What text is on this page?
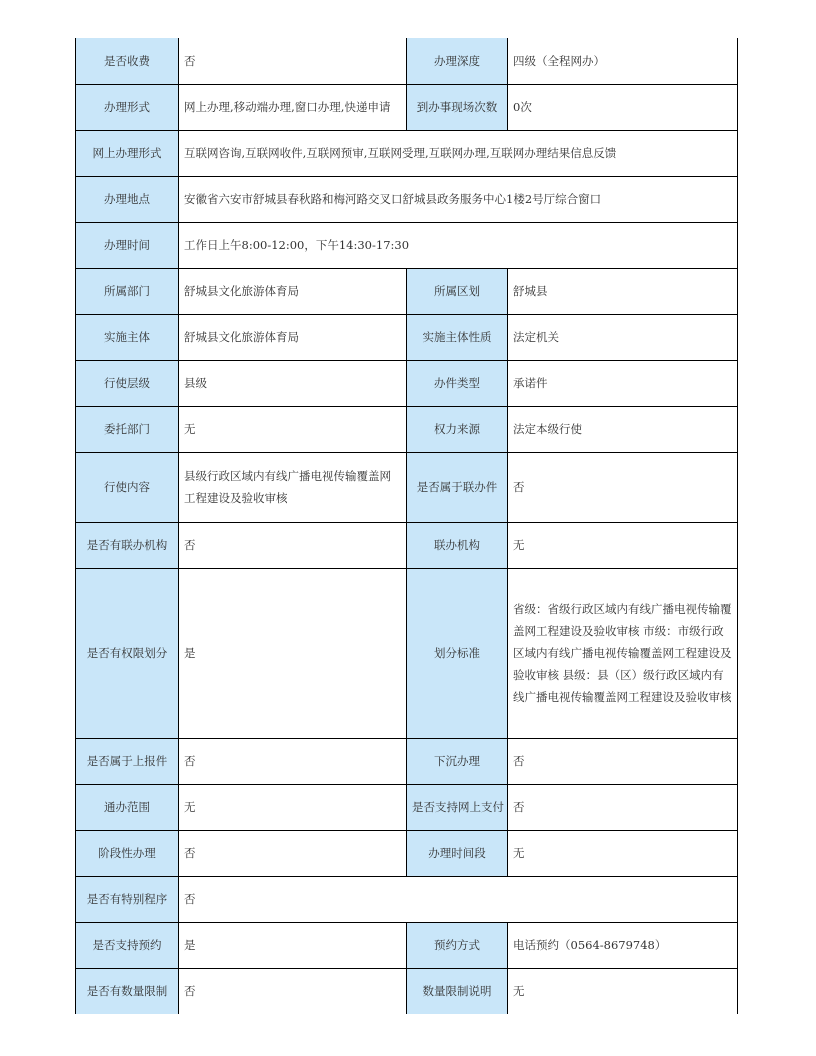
是否收费	否	办理深度	四级（全程网办）
办理形式	网上办理,移动端办理,窗口办理,快递申请	到办事现场次数	0次
网上办理形式	互联网咨询,互联网收件,互联网预审,互联网受理,互联网办理,互联网办理结果信息反馈		
办理地点	安徽省六安市舒城县春秋路和梅河路交叉口舒城县政务服务中心1楼2号厅综合窗口		
办理时间	工作日上午8:00-12:00，下午14:30-17:30		
所属部门	舒城县文化旅游体育局	所属区划	舒城县
实施主体	舒城县文化旅游体育局	实施主体性质	法定机关
行使层级	县级	办件类型	承诺件
委托部门	无	权力来源	法定本级行使
行使内容	县级行政区域内有线广播电视传输覆盖网工程建设及验收审核	是否属于联办件	否
是否有联办机构	否	联办机构	无
是否有权限划分	是	划分标准	省级：省级行政区域内有线广播电视传输覆盖网工程建设及验收审核 市级：市级行政区域内有线广播电视传输覆盖网工程建设及验收审核 县级：县（区）级行政区域内有线广播电视传输覆盖网工程建设及验收审核
是否属于上报件	否	下沉办理	否
通办范围	无	是否支持网上支付	否
阶段性办理	否	办理时间段	无
是否有特别程序	否		
是否支持预约	是	预约方式	电话预约（0564-8679748）
是否有数量限制	否	数量限制说明	无
